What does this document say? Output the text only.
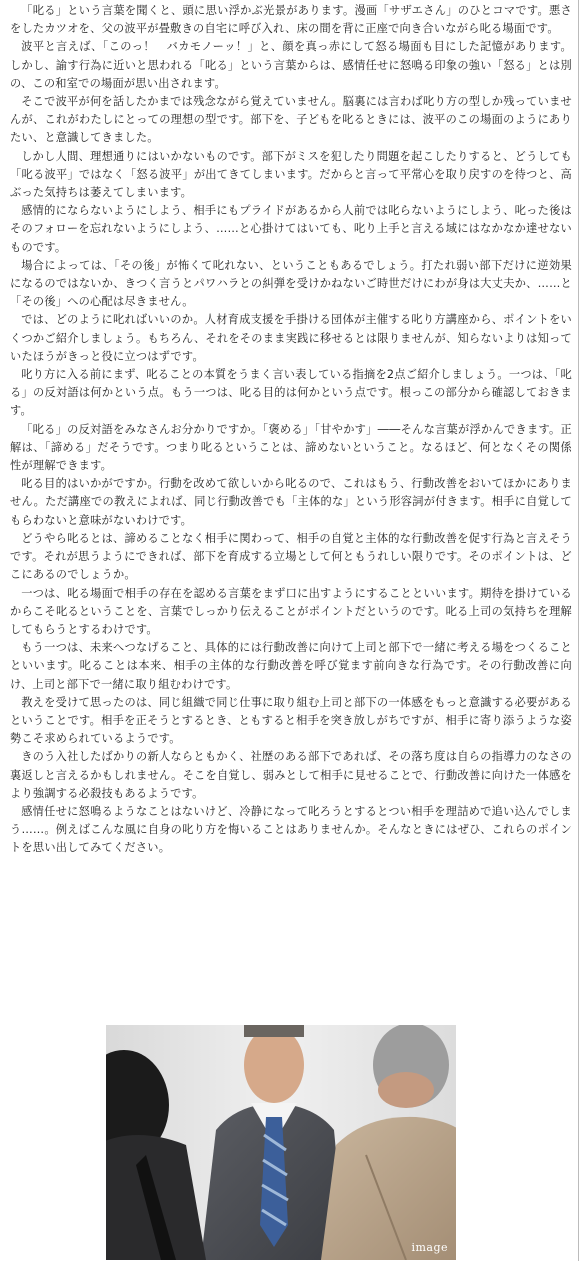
「叱る」という言葉を聞くと、頭に思い浮かぶ光景があります。漫画「サザエさん」のひとコマです。悪さをしたカツオを、父の波平が畳敷きの自宅に呼び入れ、床の間を背に正座で向き合いながら叱る場面です。

波平と言えば、「このっ！　バカモノーッ！」と、顔を真っ赤にして怒る場面も目にした記憶があります。しかし、諭す行為に近いと思われる「叱る」という言葉からは、感情任せに怒鳴る印象の強い「怒る」とは別の、この和室での場面が思い出されます。

そこで波平が何を話したかまでは残念ながら覚えていません。脳裏には言わば叱り方の型しか残っていませんが、これがわたしにとっての理想の型です。部下を、子どもを叱るときには、波平のこの場面のようにありたい、と意識してきました。

しかし人間、理想通りにはいかないものです。部下がミスを犯したり問題を起こしたりすると、どうしても「叱る波平」ではなく「怒る波平」が出てきてしまいます。だからと言って平常心を取り戻すのを待つと、高ぶった気持ちは萎えてしまいます。

感情的にならないようにしよう、相手にもプライドがあるから人前では叱らないようにしよう、叱った後はそのフォローを忘れないようにしよう、……と心掛けてはいても、叱り上手と言える域にはなかなか達せないものです。

場合によっては、「その後」が怖くて叱れない、ということもあるでしょう。打たれ弱い部下だけに逆効果になるのではないか、きつく言うとパワハラとの糾弾を受けかねないご時世だけにわが身は大丈夫か、……と「その後」への心配は尽きません。

では、どのように叱ればいいのか。人材育成支援を手掛ける団体が主催する叱り方講座から、ポイントをいくつかご紹介しましょう。もちろん、それをそのまま実践に移せるとは限りませんが、知らないよりは知っていたほうがきっと役に立つはずです。

叱り方に入る前にまず、叱ることの本質をうまく言い表している指摘を2点ご紹介しましょう。一つは、「叱る」の反対語は何かという点。もう一つは、叱る目的は何かという点です。根っこの部分から確認しておきます。

「叱る」の反対語をみなさんお分かりですか。「褒める」「甘やかす」――そんな言葉が浮かんできます。正解は、「諦める」だそうです。つまり叱るということは、諦めないということ。なるほど、何となくその関係性が理解できます。

叱る目的はいかがですか。行動を改めて欲しいから叱るので、これはもう、行動改善をおいてほかにありません。ただ講座での教えによれば、同じ行動改善でも「主体的な」という形容詞が付きます。相手に自覚してもらわないと意味がないわけです。

どうやら叱るとは、諦めることなく相手に関わって、相手の自覚と主体的な行動改善を促す行為と言えそうです。それが思うようにできれば、部下を育成する立場として何ともうれしい限りです。そのポイントは、どこにあるのでしょうか。

一つは、叱る場面で相手の存在を認める言葉をまず口に出すようにすることといいます。期待を掛けているからこそ叱るということを、言葉でしっかり伝えることがポイントだというのです。叱る上司の気持ちを理解してもらうとするわけです。

もう一つは、未来へつなげること、具体的には行動改善に向けて上司と部下で一緒に考える場をつくることといいます。叱ることは本来、相手の主体的な行動改善を呼び覚ます前向きな行為です。その行動改善に向け、上司と部下で一緒に取り組むわけです。

教えを受けて思ったのは、同じ組織で同じ仕事に取り組む上司と部下の一体感をもっと意識する必要があるということです。相手を正そうとするとき、ともすると相手を突き放しがちですが、相手に寄り添うような姿勢こそ求められているようです。

きのう入社したばかりの新人ならともかく、社歴のある部下であれば、その落ち度は自らの指導力のなさの裏返しと言えるかもしれません。そこを自覚し、弱みとして相手に見せることで、行動改善に向けた一体感をより強調する必殺技もあるようです。

感情任せに怒鳴るようなことはないけど、冷静になって叱ろうとするとつい相手を理詰めで追い込んでしまう……。例えばこんな風に自身の叱り方を悔いることはありませんか。そんなときにはぜひ、これらのポイントを思い出してみてください。

image
